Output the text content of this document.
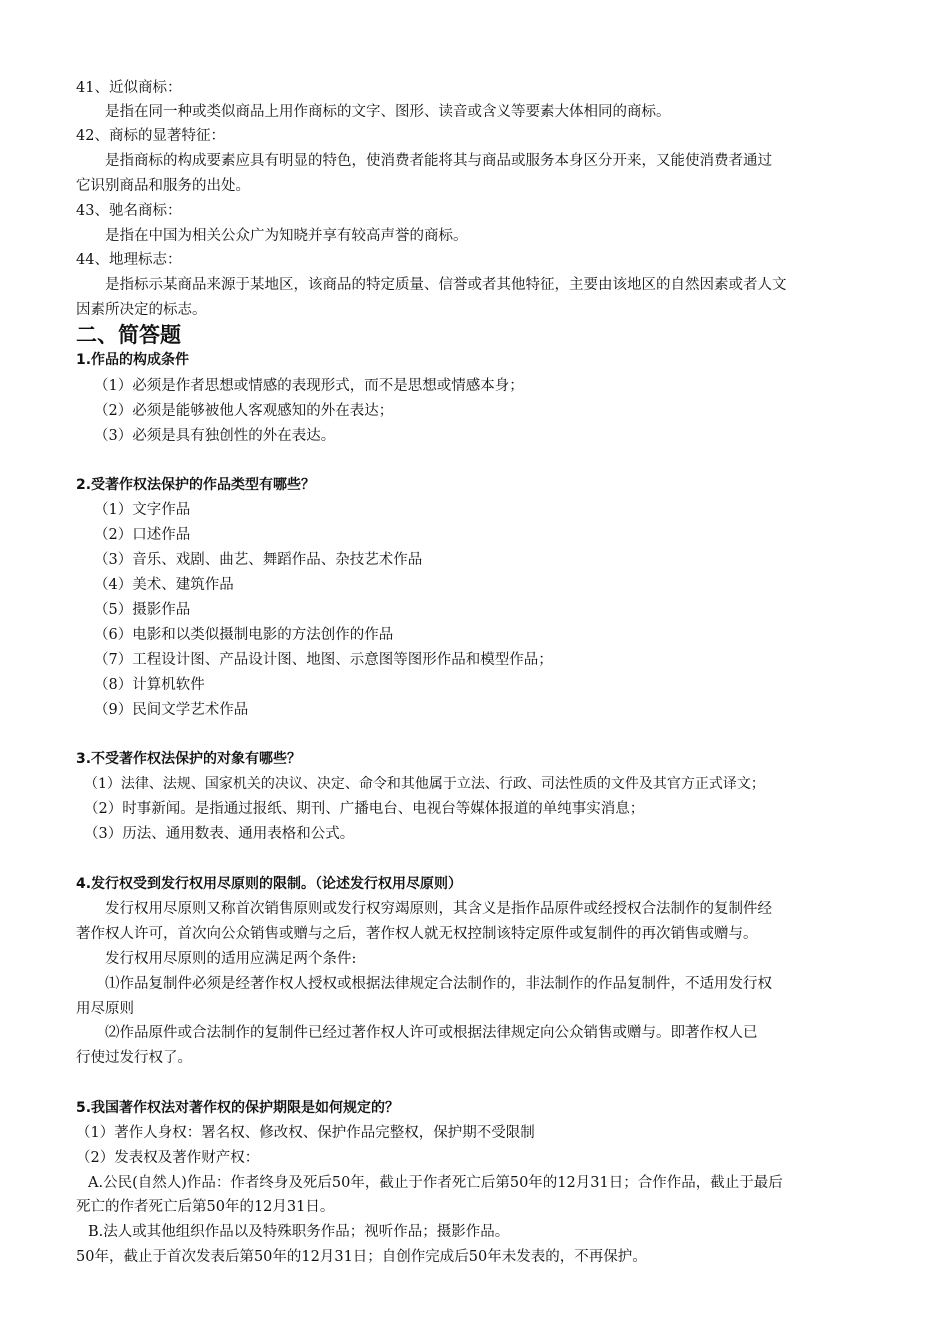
41、近似商标：
是指在同一种或类似商品上用作商标的文字、图形、读音或含义等要素大体相同的商标。
42、商标的显著特征：
是指商标的构成要素应具有明显的特色，使消费者能将其与商品或服务本身区分开来，又能使消费者通过
它识别商品和服务的出处。
43、驰名商标：
是指在中国为相关公众广为知晓并享有较高声誉的商标。
44、地理标志：
是指标示某商品来源于某地区，该商品的特定质量、信誉或者其他特征，主要由该地区的自然因素或者人文
因素所决定的标志。
二、简答题
1.作品的构成条件
（1）必须是作者思想或情感的表现形式，而不是思想或情感本身；
（2）必须是能够被他人客观感知的外在表达；
（3）必须是具有独创性的外在表达。
2.受著作权法保护的作品类型有哪些？
（1）文字作品
（2）口述作品
（3）音乐、戏剧、曲艺、舞蹈作品、杂技艺术作品
（4）美术、建筑作品
（5）摄影作品
（6）电影和以类似摄制电影的方法创作的作品
（7）工程设计图、产品设计图、地图、示意图等图形作品和模型作品；
（8）计算机软件
（9）民间文学艺术作品
3.不受著作权法保护的对象有哪些？
（1）法律、法规、国家机关的决议、决定、命令和其他属于立法、行政、司法性质的文件及其官方正式译文；
（2）时事新闻。是指通过报纸、期刊、广播电台、电视台等媒体报道的单纯事实消息；
（3）历法、通用数表、通用表格和公式。
4.发行权受到发行权用尽原则的限制。（论述发行权用尽原则）
发行权用尽原则又称首次销售原则或发行权穷竭原则，其含义是指作品原件或经授权合法制作的复制件经
著作权人许可，首次向公众销售或赠与之后，著作权人就无权控制该特定原件或复制件的再次销售或赠与。
发行权用尽原则的适用应满足两个条件:
⑴作品复制件必须是经著作权人授权或根据法律规定合法制作的，非法制作的作品复制件，不适用发行权
用尽原则
⑵作品原件或合法制作的复制件已经过著作权人许可或根据法律规定向公众销售或赠与。即著作权人已
行使过发行权了。
5.我国著作权法对著作权的保护期限是如何规定的？
（1）著作人身权：署名权、修改权、保护作品完整权，保护期不受限制
（2）发表权及著作财产权：
A.公民(自然人)作品：作者终身及死后50年，截止于作者死亡后第50年的12月31日；合作作品，截止于最后
死亡的作者死亡后第50年的12月31日。
B.法人或其他组织作品以及特殊职务作品；视听作品；摄影作品。
50年，截止于首次发表后第50年的12月31日；自创作完成后50年未发表的，不再保护。
